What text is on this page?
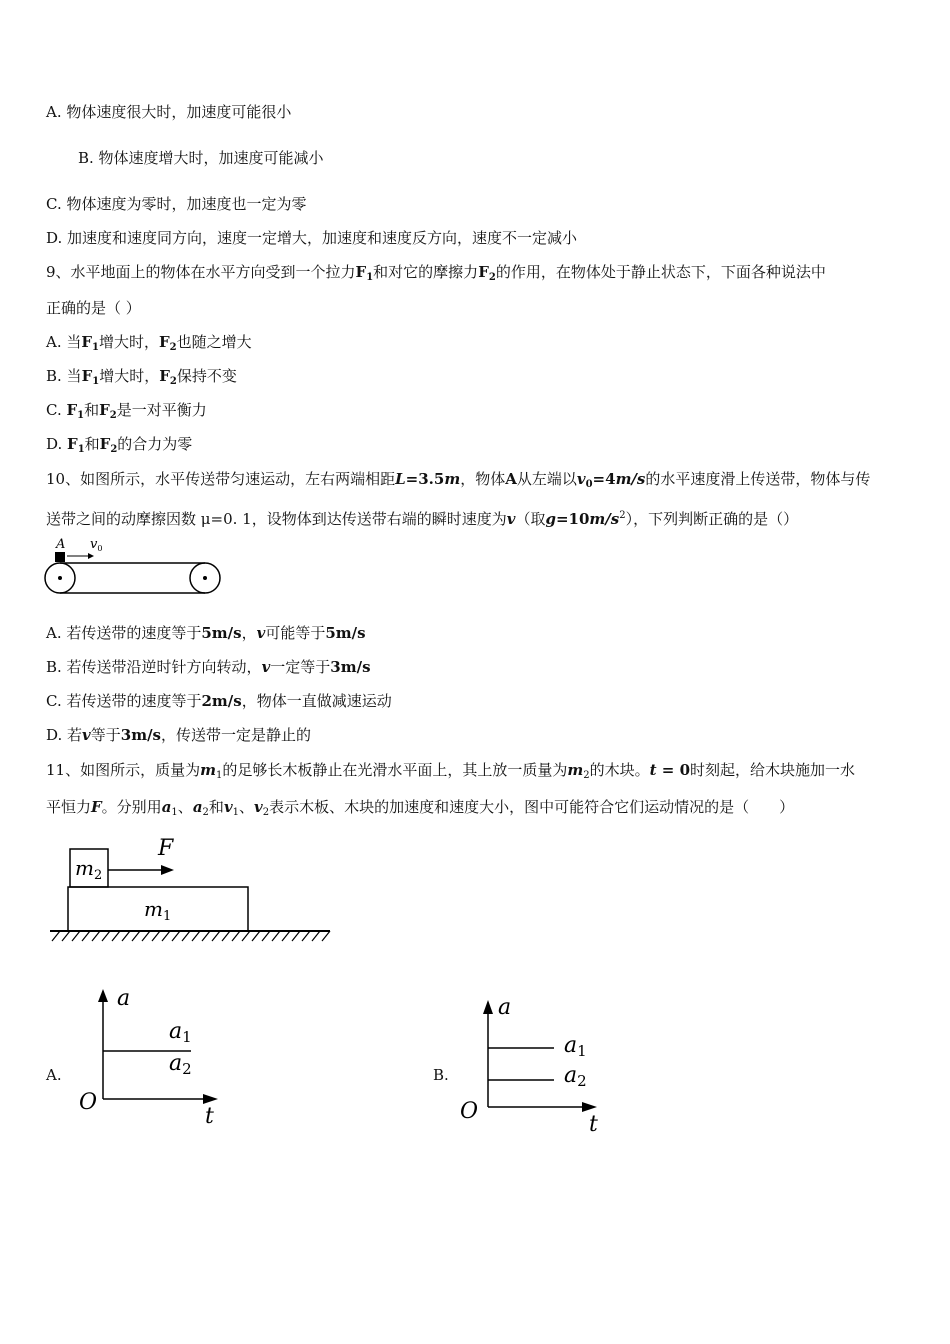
A. 物体速度很大时，加速度可能很小
B. 物体速度增大时，加速度可能减小
C. 物体速度为零时，加速度也一定为零
D. 加速度和速度同方向，速度一定增大，加速度和速度反方向，速度不一定减小
9、水平地面上的物体在水平方向受到一个拉力$F_1$和对它的摩擦力$F_2$的作用，在物体处于静止状态下，下面各种说法中
正确的是（ ）
A. 当$F_1$增大时，$F_2$也随之增大
B. 当$F_1$增大时，$F_2$保持不变
C. $F_1$和$F_2$是一对平衡力
D. $F_1$和$F_2$的合力为零
10、如图所示，水平传送带匀速运动，左右两端相距L=3.5m，物体A从左端以$v_0=4m/s$的水平速度滑上传送带，物体与传
送带之间的动摩擦因数 μ=0. 1，设物体到达传送带右端的瞬时速度为v（取$g=10m/s^2$），下列判断正确的是（）
A $v_0$
A. 若传送带的速度等于5m/s，v可能等于5m/s
B. 若传送带沿逆时针方向转动，v一定等于3m/s
C. 若传送带的速度等于2m/s，物体一直做减速运动
D. 若v等于3m/s，传送带一定是静止的
11、如图所示，质量为$m_1$的足够长木板静止在光滑水平面上，其上放一质量为$m_2$的木块。t = 0时刻起，给木块施加一水
平恒力F。分别用$a_1$、$a_2$和$v_1$、$v_2$表示木板、木块的加速度和速度大小，图中可能符合它们运动情况的是（　　）
$m_2$
F
$m_1$
A.
a
O
t
a1
a2	B.
a
O
t
a1
a2
